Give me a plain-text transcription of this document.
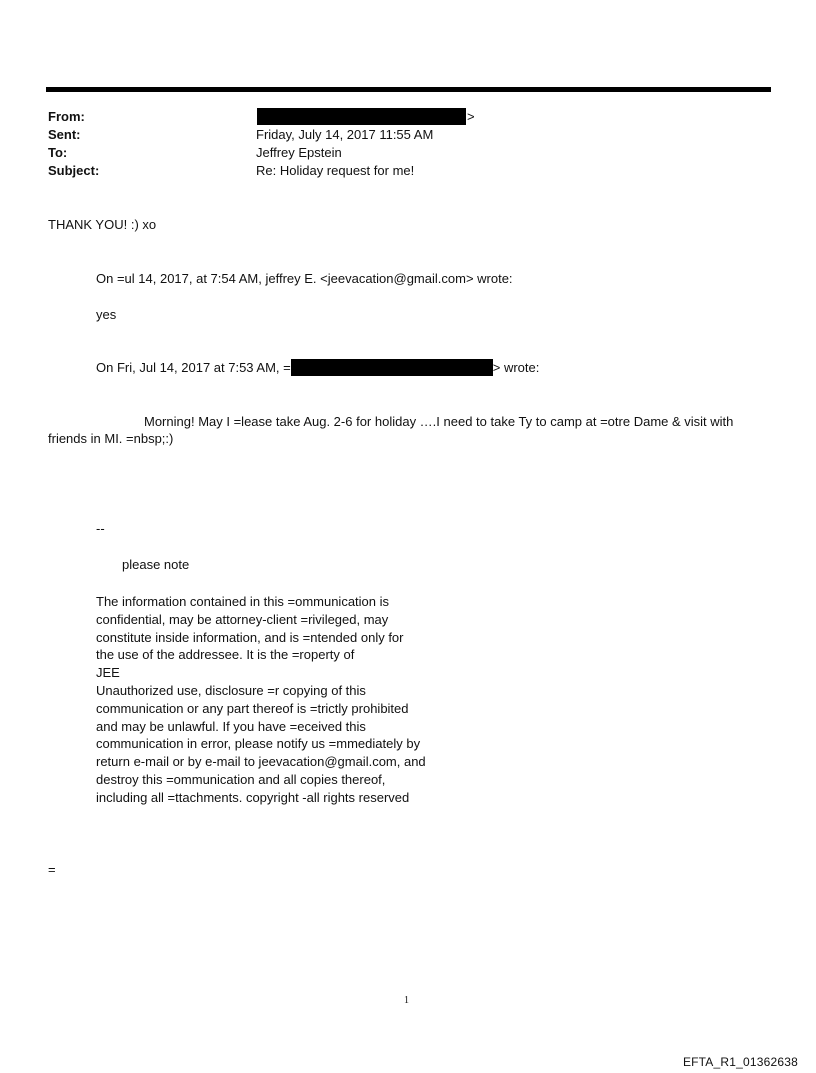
From:	>
Sent:	Friday, July 14, 2017 11:55 AM
To:	Jeffrey Epstein
Subject:	Re: Holiday request for me!
THANK YOU! :) xo
On =ul 14, 2017, at 7:54 AM, jeffrey E. <jeevacation@gmail.com> wrote:
yes
On Fri, Jul 14, 2017 at 7:53 AM, =	> wrote:
Morning! May I =lease take Aug. 2-6 for holiday ….I need to take Ty to camp at =otre Dame & visit with
friends in MI. =nbsp;:)
--
please note
The information contained in this =ommunication is
confidential, may be attorney-client =rivileged, may
constitute inside information, and is =ntended only for
the use of the addressee. It is the =roperty of
JEE
Unauthorized use, disclosure =r copying of this
communication or any part thereof is =trictly prohibited
and may be unlawful. If you have =eceived this
communication in error, please notify us =mmediately by
return e-mail or by e-mail to jeevacation@gmail.com, and
destroy this =ommunication and all copies thereof,
including all =ttachments. copyright -all rights reserved
=
1
EFTA_R1_01362638
